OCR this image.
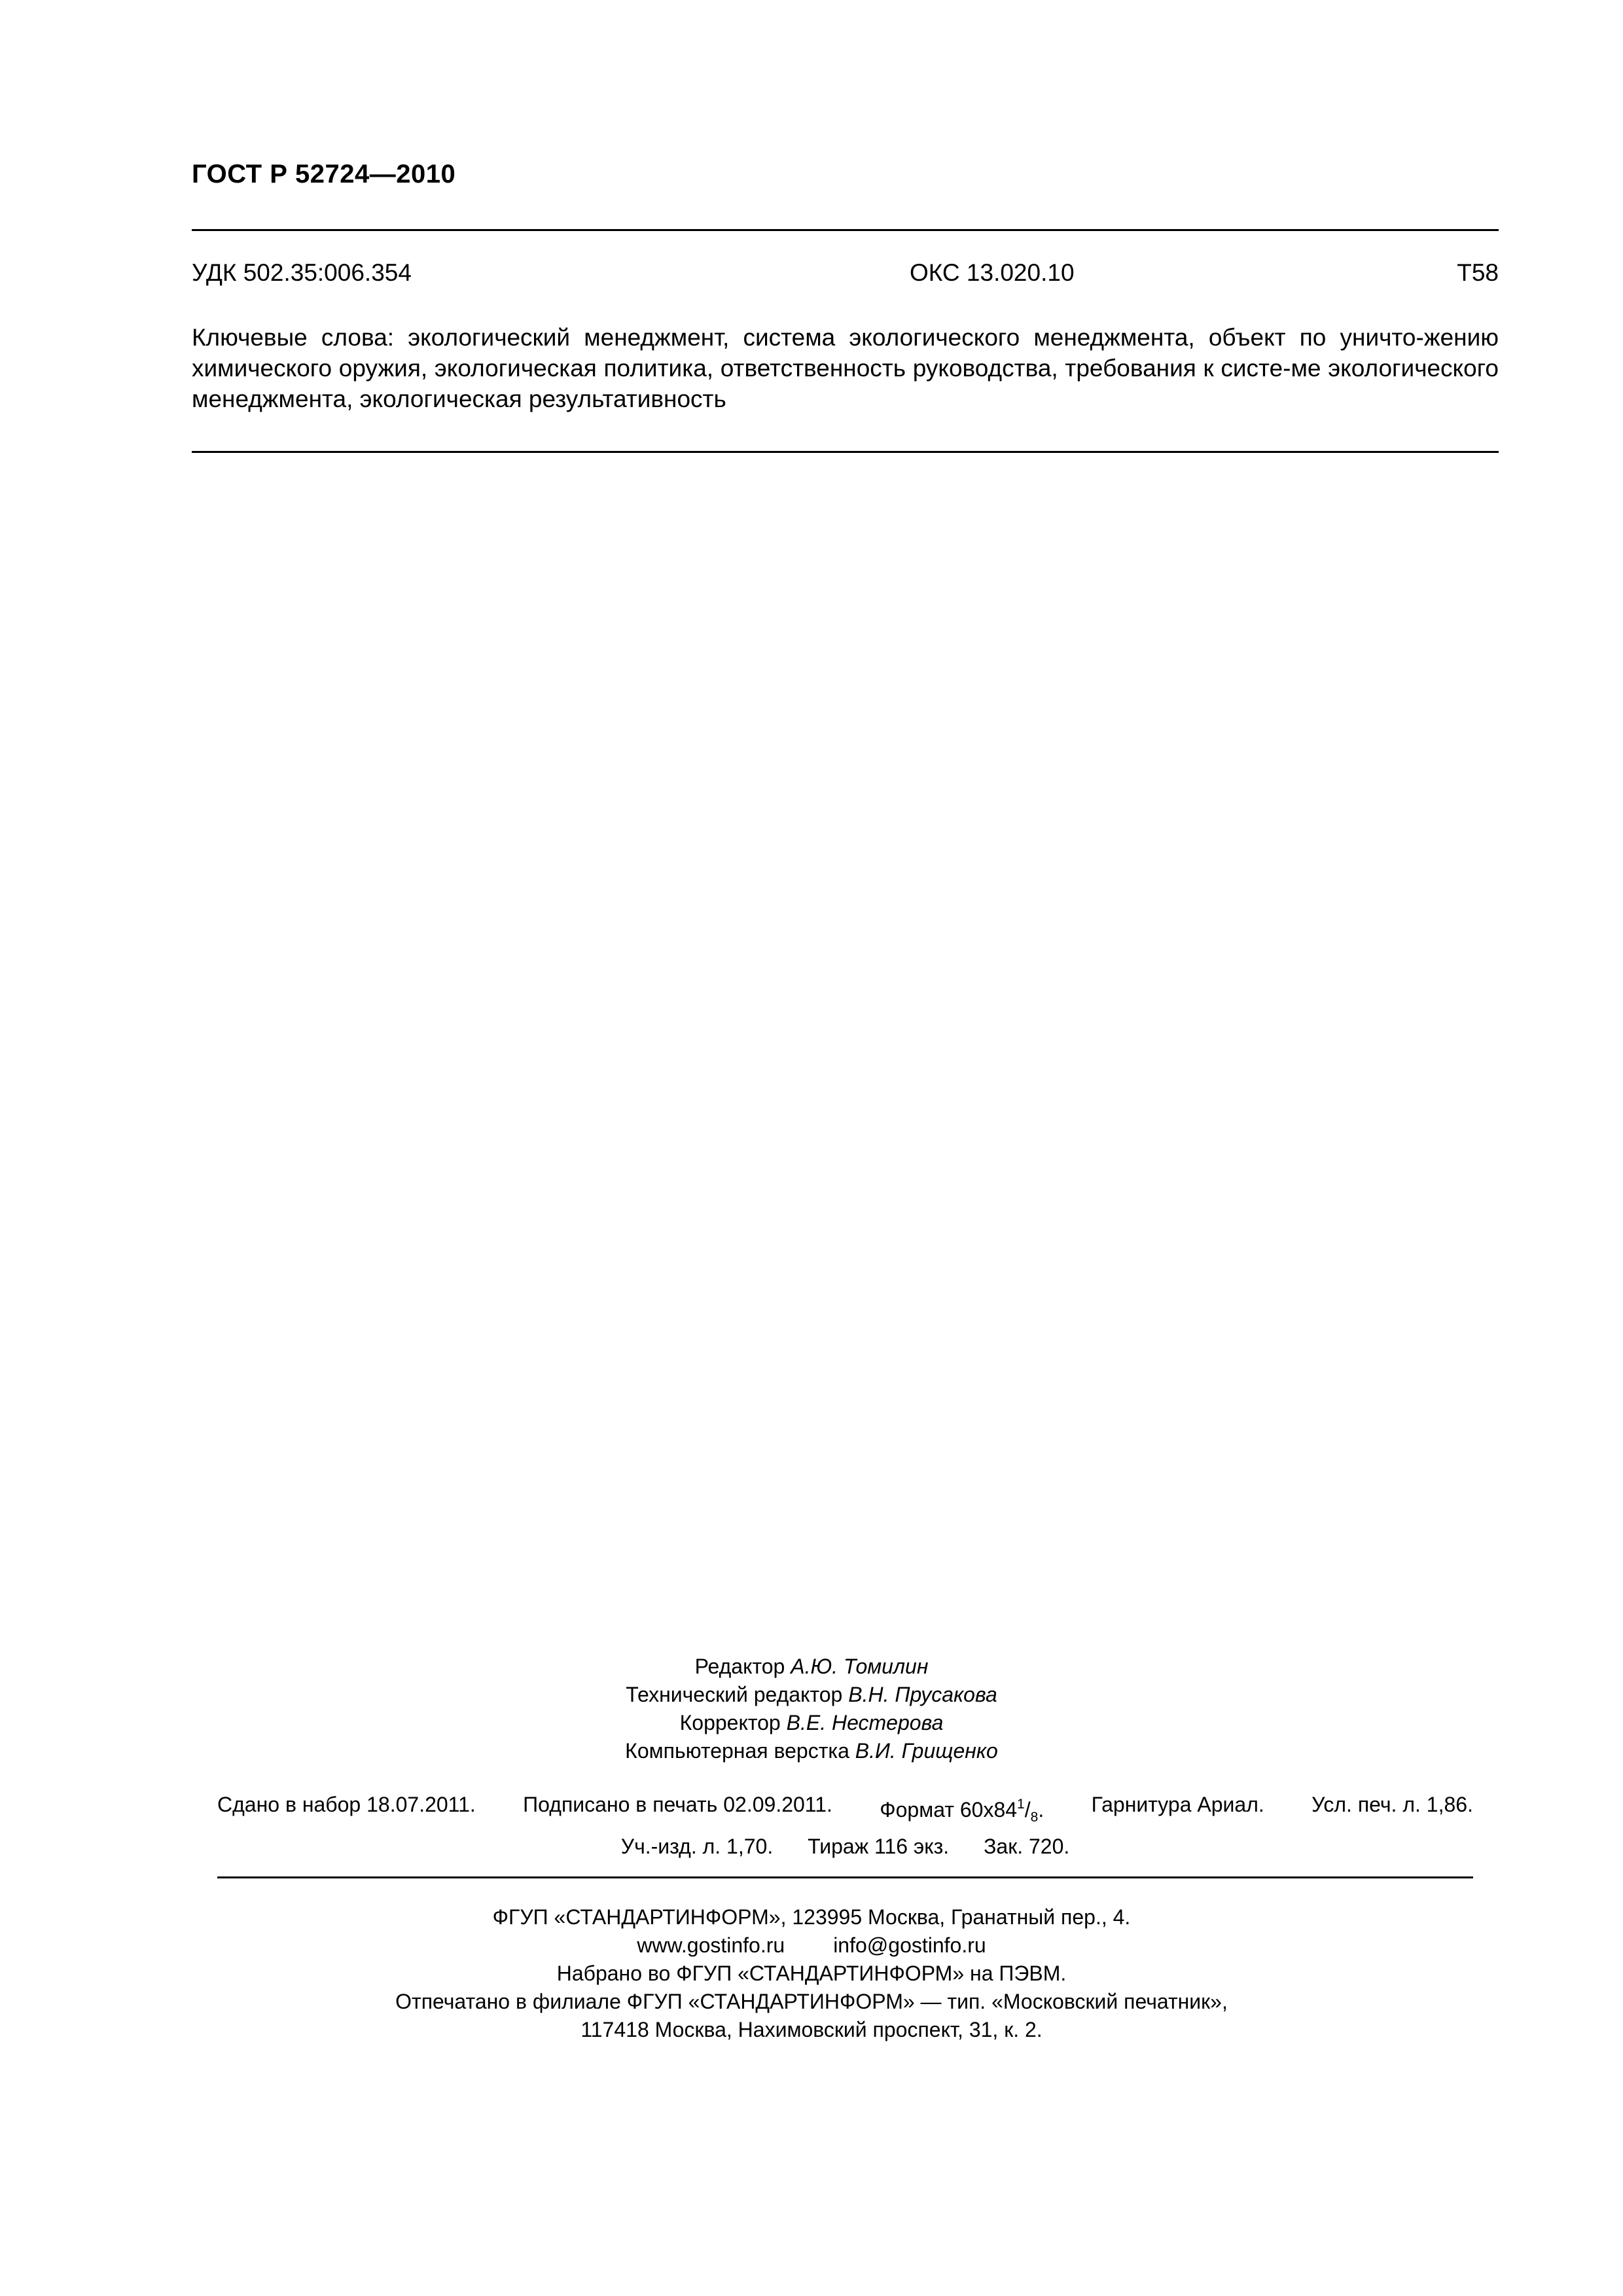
ГОСТ Р 52724—2010
УДК 502.35:006.354	ОКС 13.020.10	Т58
Ключевые слова: экологический менеджмент, система экологического менеджмента, объект по уничто-жению химического оружия, экологическая политика, ответственность руководства, требования к систе-ме экологического менеджмента, экологическая результативность
Редактор А.Ю. Томилин
Технический редактор В.Н. Прусакова
Корректор В.Е. Нестерова
Компьютерная верстка В.И. Грищенко
Сдано в набор 18.07.2011. Подписано в печать 02.09.2011. Формат $60x84^1/_8$. Гарнитура Ариал. Усл. печ. л. 1,86.
Уч.-изд. л. 1,70. Тираж 116 экз. Зак. 720.
ФГУП «СТАНДАРТИНФОРМ», 123995 Москва, Гранатный пер., 4.
www.gostinfo.ru info@gostinfo.ru
Набрано во ФГУП «СТАНДАРТИНФОРМ» на ПЭВМ.
Отпечатано в филиале ФГУП «СТАНДАРТИНФОРМ» — тип. «Московский печатник»,
117418 Москва, Нахимовский проспект, 31, к. 2.
